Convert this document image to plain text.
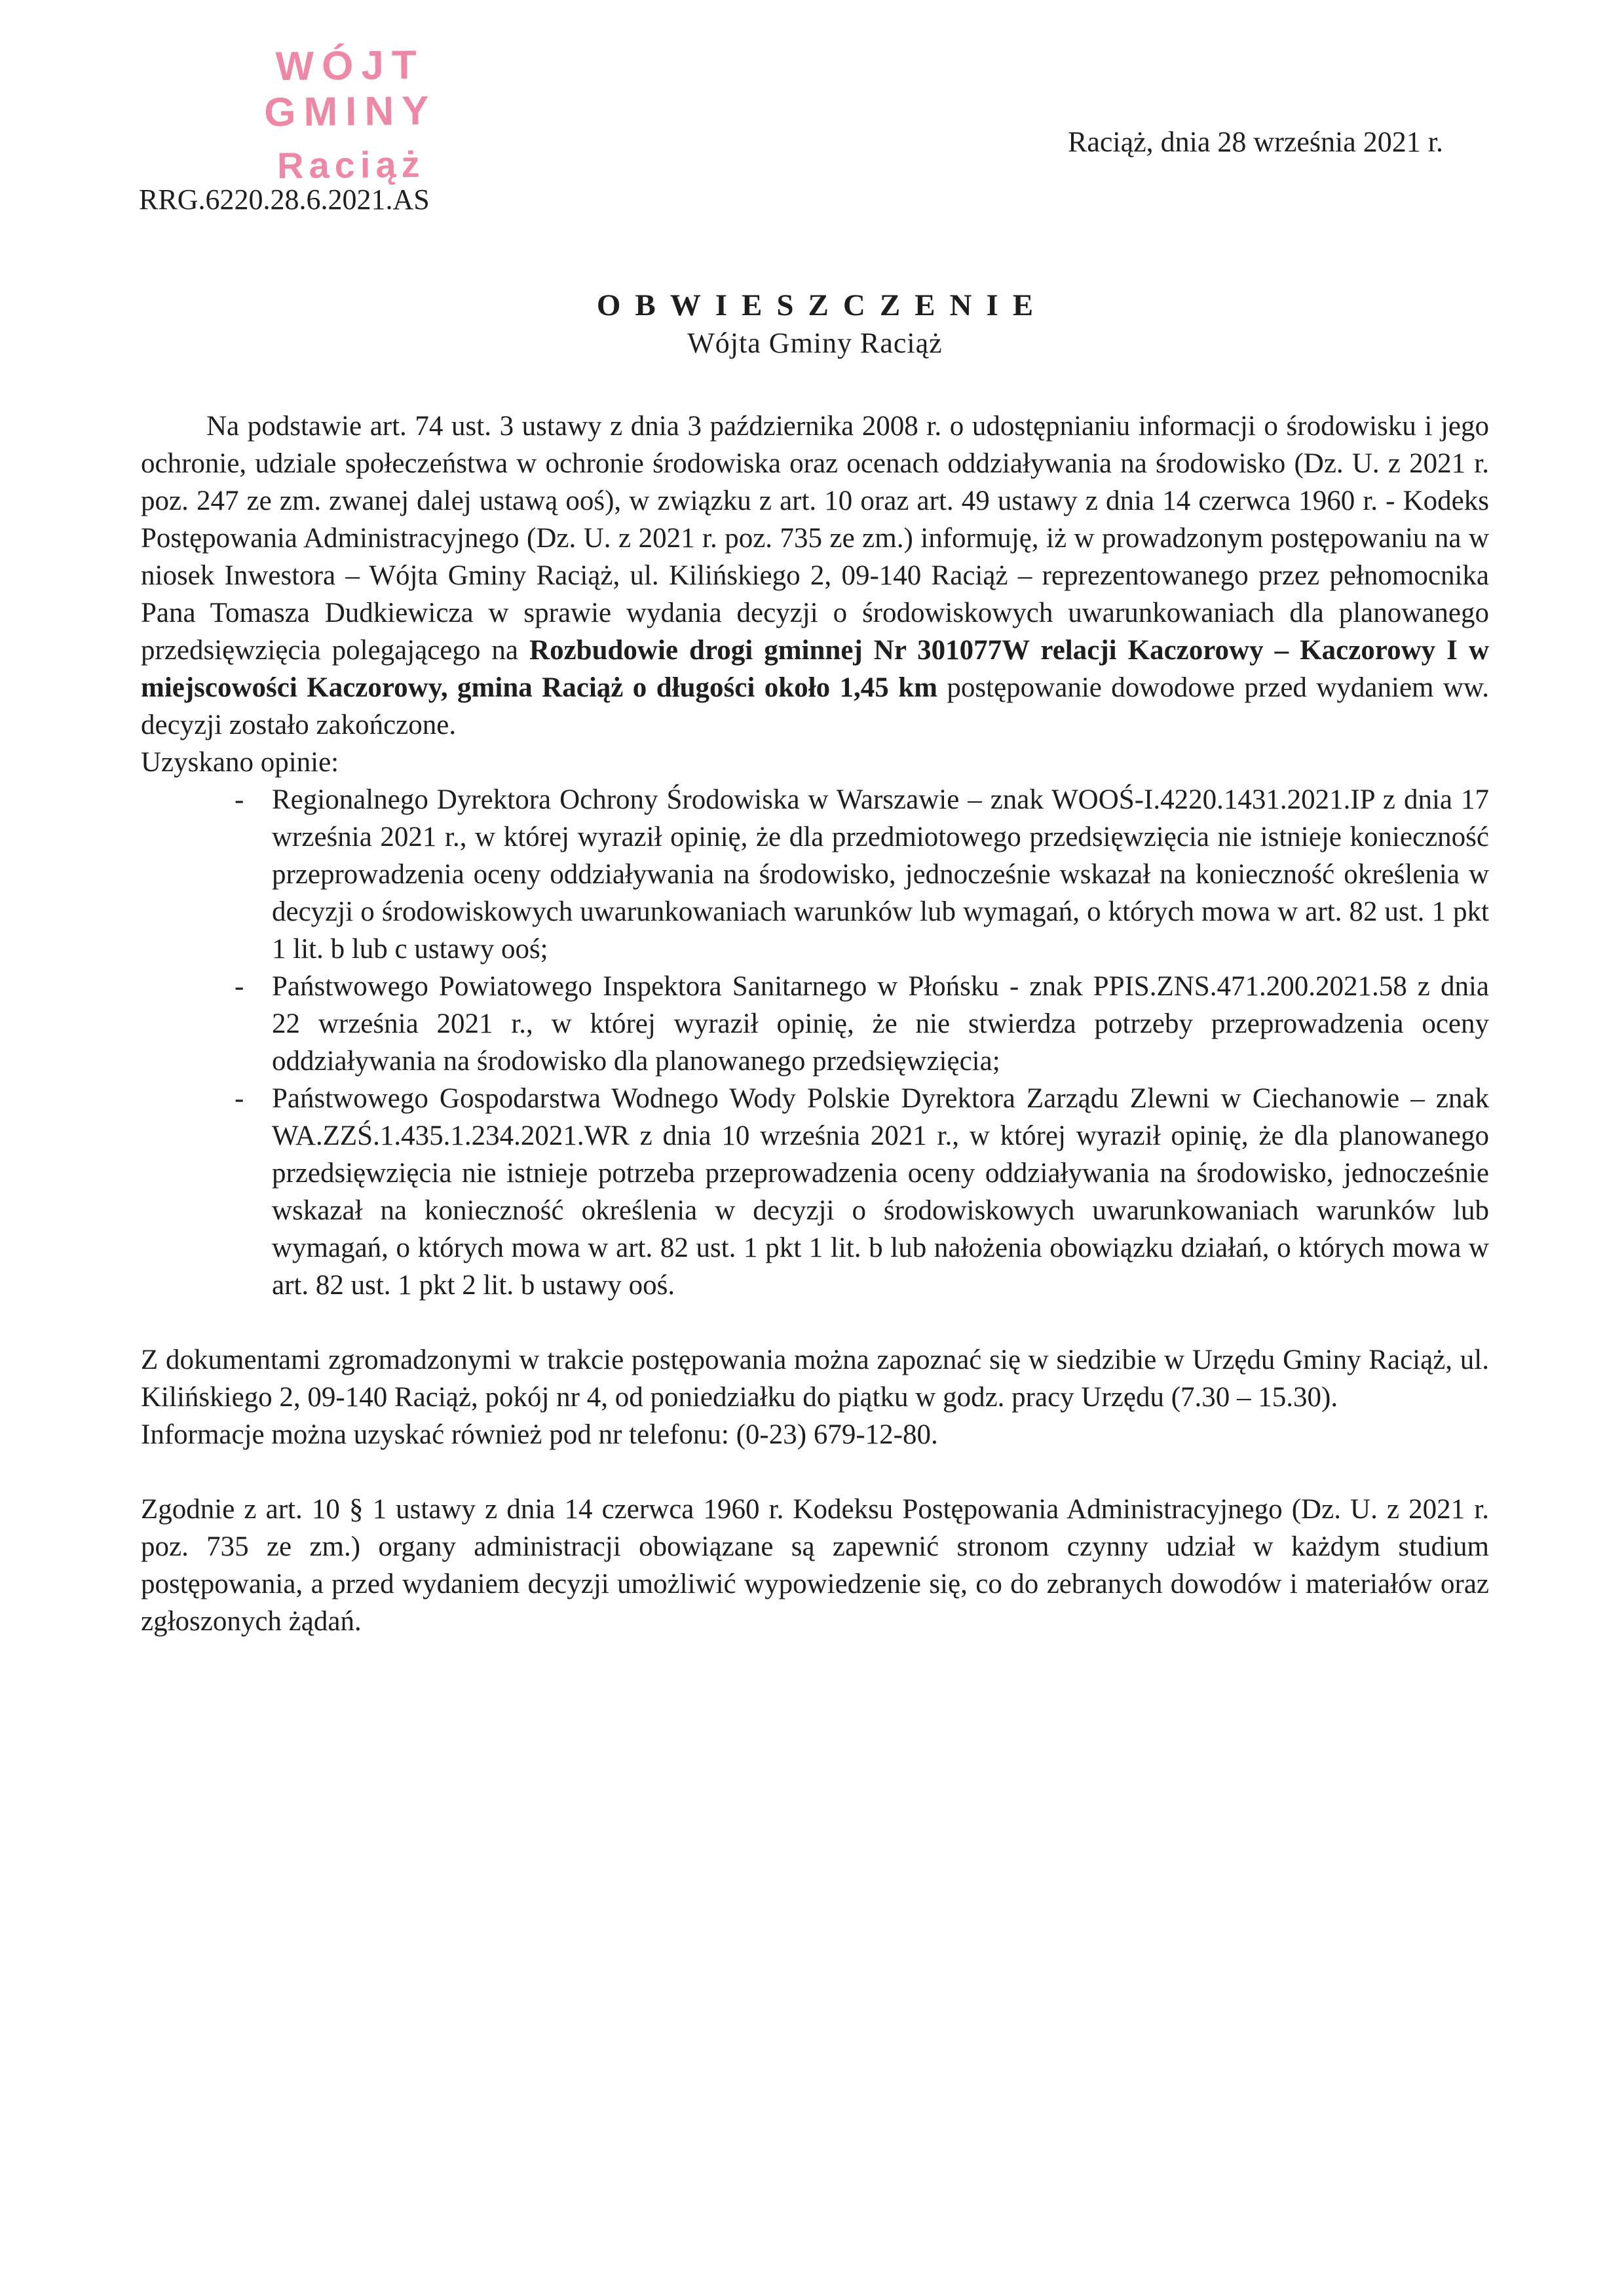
WÓJT GMINY
Raciąż
Raciąż, dnia 28 września 2021 r.
RRG.6220.28.6.2021.AS
OBWIESZCZENIE
Wójta Gminy Raciąż

Na podstawie art. 74 ust. 3 ustawy z dnia 3 października 2008 r. o udostępnianiu informacji o środowisku i jego ochronie, udziale społeczeństwa w ochronie środowiska oraz ocenach oddziaływania na środowisko (Dz. U. z 2021 r. poz. 247 ze zm. zwanej dalej ustawą ooś), w związku z art. 10 oraz art. 49 ustawy z dnia 14 czerwca 1960 r. - Kodeks Postępowania Administracyjnego (Dz. U. z 2021 r. poz. 735 ze zm.) informuję, iż w prowadzonym postępowaniu na w niosek Inwestora – Wójta Gminy Raciąż, ul. Kilińskiego 2, 09-140 Raciąż – reprezentowanego przez pełnomocnika Pana Tomasza Dudkiewicza w sprawie wydania decyzji o środowiskowych uwarunkowaniach dla planowanego przedsięwzięcia polegającego na Rozbudowie drogi gminnej Nr 301077W relacji Kaczorowy – Kaczorowy I w miejscowości Kaczorowy, gmina Raciąż o długości około 1,45 km postępowanie dowodowe przed wydaniem ww. decyzji zostało zakończone.

Uzyskano opinie:

- Regionalnego Dyrektora Ochrony Środowiska w Warszawie – znak WOOŚ-I.4220.1431.2021.IP z dnia 17 września 2021 r., w której wyraził opinię, że dla przedmiotowego przedsięwzięcia nie istnieje konieczność przeprowadzenia oceny oddziaływania na środowisko, jednocześnie wskazał na konieczność określenia w decyzji o środowiskowych uwarunkowaniach warunków lub wymagań, o których mowa w art. 82 ust. 1 pkt 1 lit. b lub c ustawy ooś;
- Państwowego Powiatowego Inspektora Sanitarnego w Płońsku - znak PPIS.ZNS.471.200.2021.58 z dnia 22 września 2021 r., w której wyraził opinię, że nie stwierdza potrzeby przeprowadzenia oceny oddziaływania na środowisko dla planowanego przedsięwzięcia;
- Państwowego Gospodarstwa Wodnego Wody Polskie Dyrektora Zarządu Zlewni w Ciechanowie – znak WA.ZZŚ.1.435.1.234.2021.WR z dnia 10 września 2021 r., w której wyraził opinię, że dla planowanego przedsięwzięcia nie istnieje potrzeba przeprowadzenia oceny oddziaływania na środowisko, jednocześnie wskazał na konieczność określenia w decyzji o środowiskowych uwarunkowaniach warunków lub wymagań, o których mowa w art. 82 ust. 1 pkt 1 lit. b lub nałożenia obowiązku działań, o których mowa w art. 82 ust. 1 pkt 2 lit. b ustawy ooś.

Z dokumentami zgromadzonymi w trakcie postępowania można zapoznać się w siedzibie w Urzędu Gminy Raciąż, ul. Kilińskiego 2, 09-140 Raciąż, pokój nr 4, od poniedziałku do piątku w godz. pracy Urzędu (7.30 – 15.30).

Informacje można uzyskać również pod nr telefonu: (0-23) 679-12-80.

Zgodnie z art. 10 § 1 ustawy z dnia 14 czerwca 1960 r. Kodeksu Postępowania Administracyjnego (Dz. U. z 2021 r. poz. 735 ze zm.) organy administracji obowiązane są zapewnić stronom czynny udział w każdym studium postępowania, a przed wydaniem decyzji umożliwić wypowiedzenie się, co do zebranych dowodów i materiałów oraz zgłoszonych żądań.
